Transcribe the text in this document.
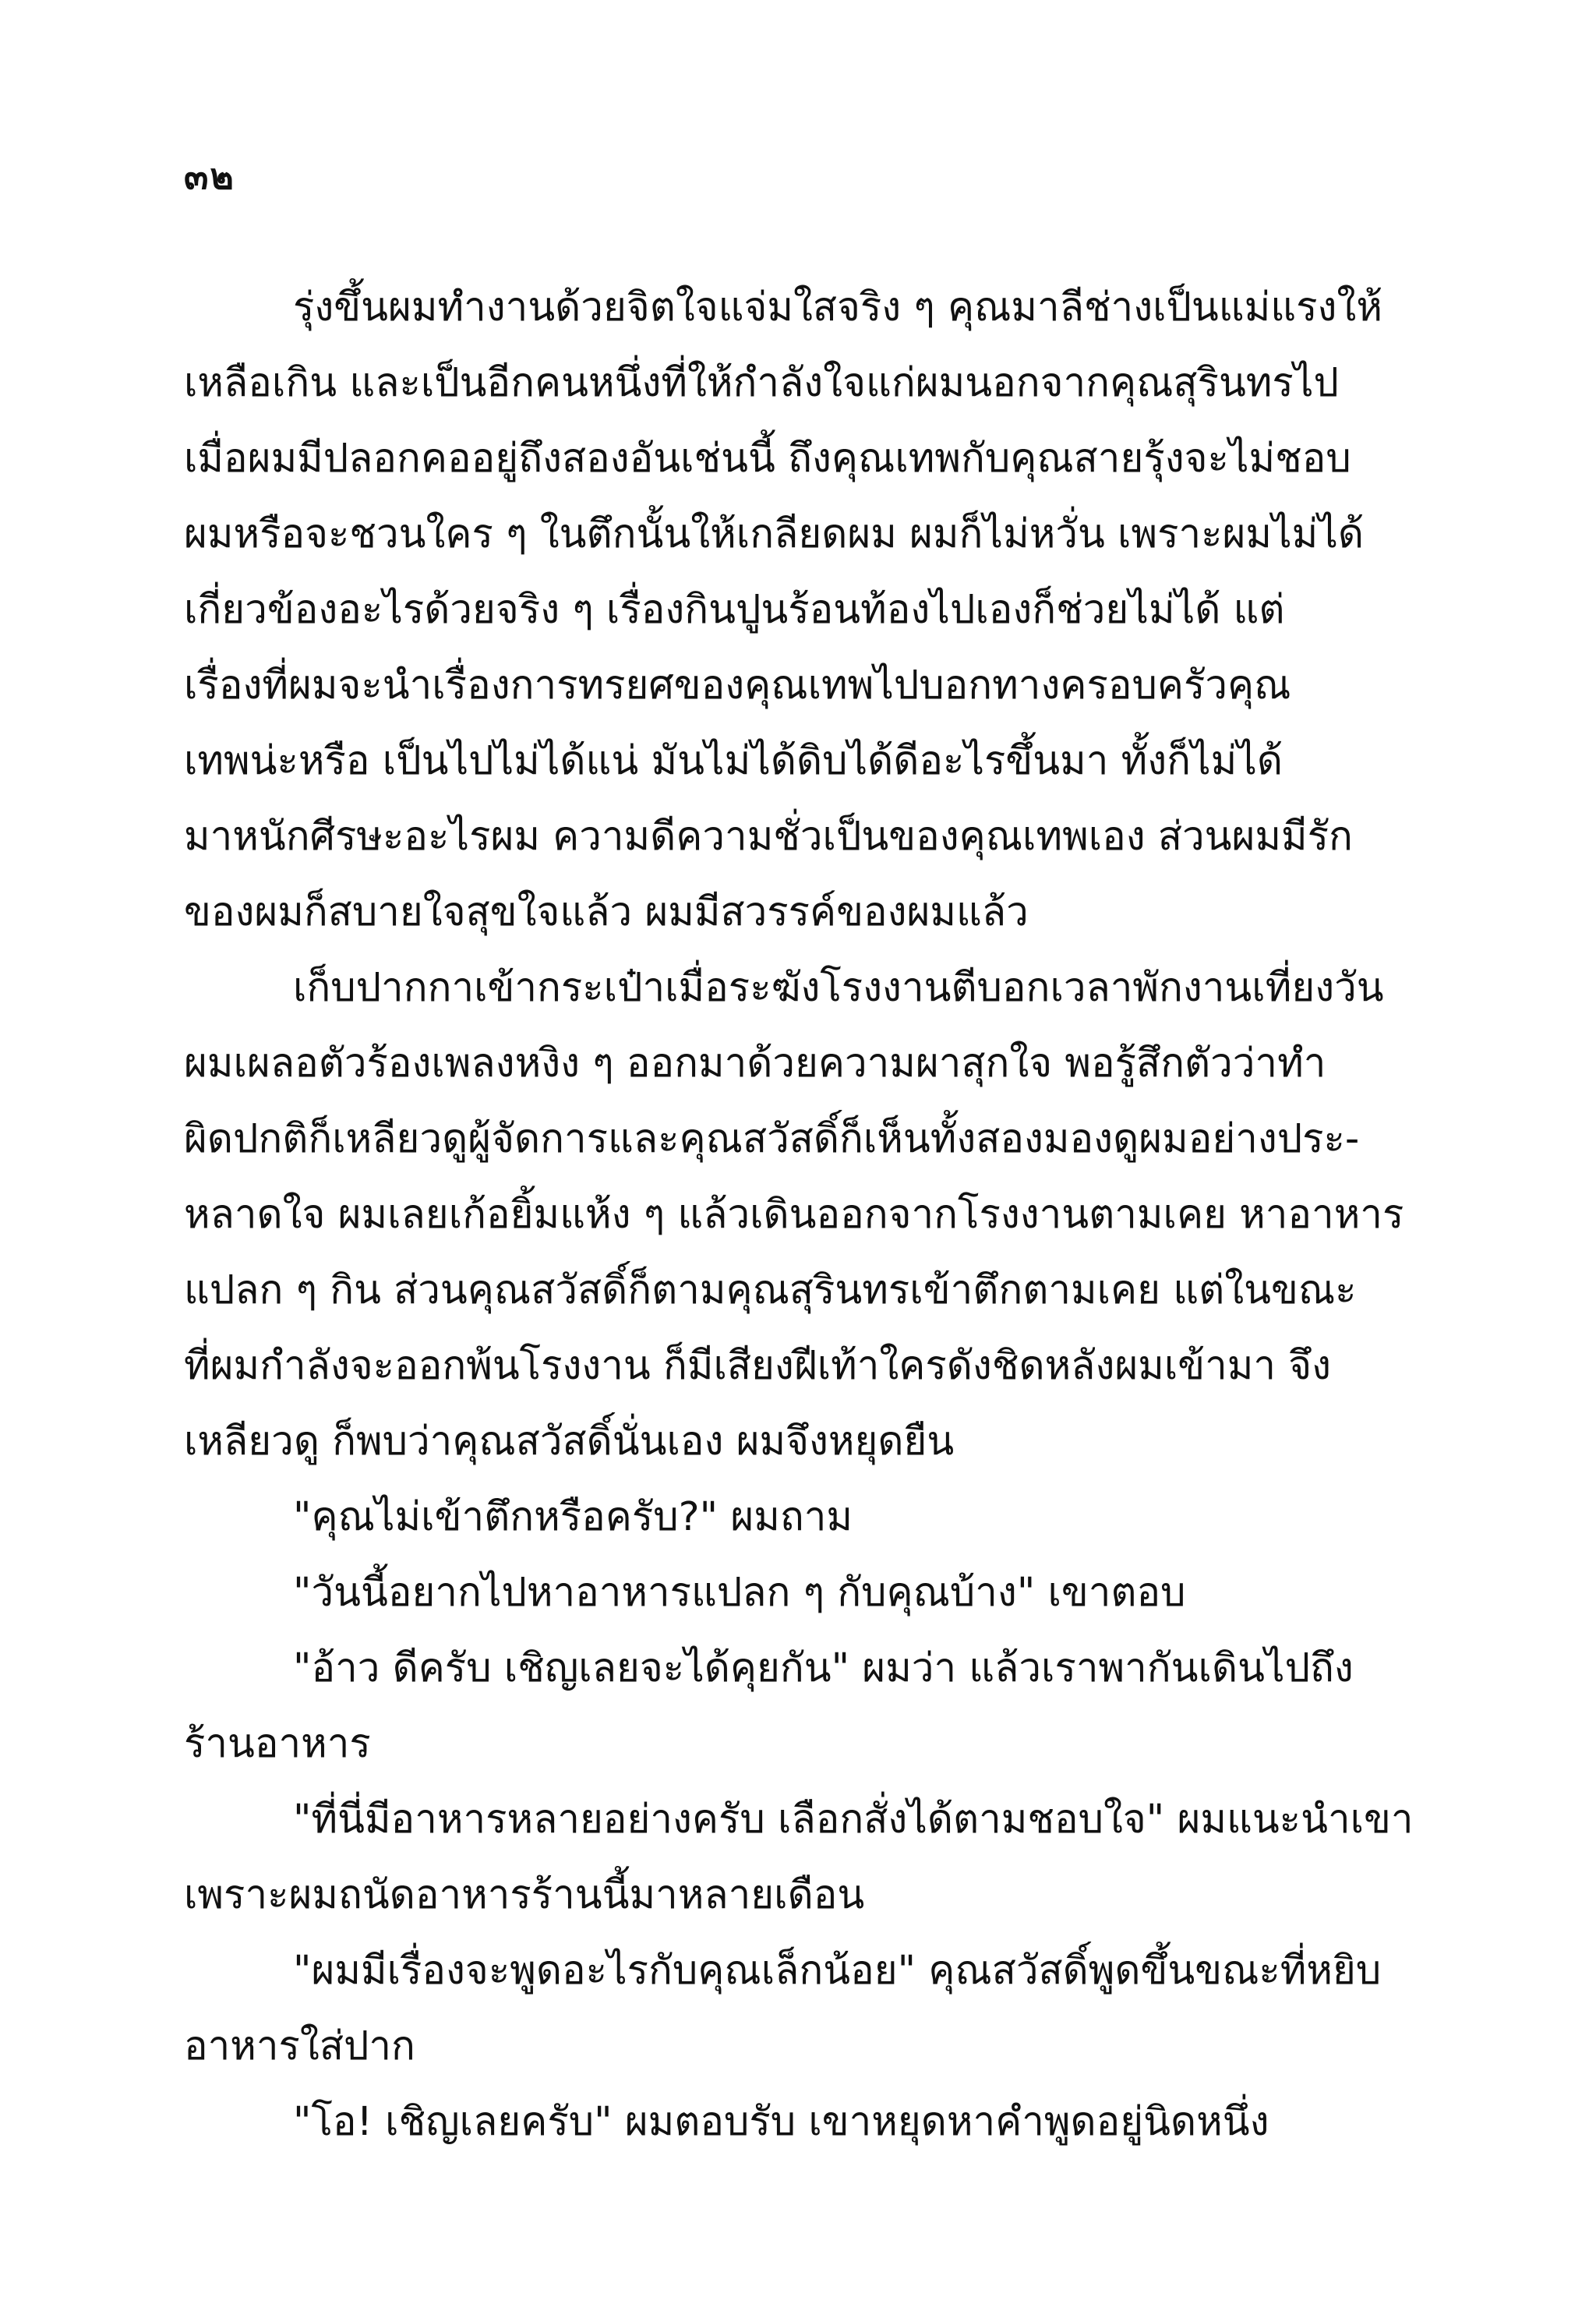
๓๒
รุ่งขึ้นผมทำงานด้วยจิตใจแจ่มใสจริง ๆ คุณมาลีช่างเป็นแม่แรงให้
เหลือเกิน และเป็นอีกคนหนึ่งที่ให้กำลังใจแก่ผมนอกจากคุณสุรินทรไป
เมื่อผมมีปลอกคออยู่ถึงสองอันเช่นนี้ ถึงคุณเทพกับคุณสายรุ้งจะไม่ชอบ
ผมหรือจะชวนใคร ๆ ในตึกนั้นให้เกลียดผม ผมก็ไม่หวั่น เพราะผมไม่ได้
เกี่ยวข้องอะไรด้วยจริง ๆ เรื่องกินปูนร้อนท้องไปเองก็ช่วยไม่ได้ แต่
เรื่องที่ผมจะนำเรื่องการทรยศของคุณเทพไปบอกทางครอบครัวคุณ
เทพน่ะหรือ เป็นไปไม่ได้แน่ มันไม่ได้ดิบได้ดีอะไรขึ้นมา ทั้งก็ไม่ได้
มาหนักศีรษะอะไรผม ความดีความชั่วเป็นของคุณเทพเอง ส่วนผมมีรัก
ของผมก็สบายใจสุขใจแล้ว ผมมีสวรรค์ของผมแล้ว
เก็บปากกาเข้ากระเป๋าเมื่อระฆังโรงงานตีบอกเวลาพักงานเที่ยงวัน
ผมเผลอตัวร้องเพลงหงิง ๆ ออกมาด้วยความผาสุกใจ พอรู้สึกตัวว่าทำ
ผิดปกติก็เหลียวดูผู้จัดการและคุณสวัสดิ์ก็เห็นทั้งสองมองดูผมอย่างประ-
หลาดใจ ผมเลยเก้อยิ้มแห้ง ๆ แล้วเดินออกจากโรงงานตามเคย หาอาหาร
แปลก ๆ กิน ส่วนคุณสวัสดิ์ก็ตามคุณสุรินทรเข้าตึกตามเคย แต่ในขณะ
ที่ผมกำลังจะออกพ้นโรงงาน ก็มีเสียงฝีเท้าใครดังชิดหลังผมเข้ามา จึง
เหลียวดู ก็พบว่าคุณสวัสดิ์นั่นเอง ผมจึงหยุดยืน
"คุณไม่เข้าตึกหรือครับ?" ผมถาม
"วันนี้อยากไปหาอาหารแปลก ๆ กับคุณบ้าง" เขาตอบ
"อ้าว ดีครับ เชิญเลยจะได้คุยกัน" ผมว่า แล้วเราพากันเดินไปถึง
ร้านอาหาร
"ที่นี่มีอาหารหลายอย่างครับ เลือกสั่งได้ตามชอบใจ" ผมแนะนำเขา
เพราะผมถนัดอาหารร้านนี้มาหลายเดือน
"ผมมีเรื่องจะพูดอะไรกับคุณเล็กน้อย" คุณสวัสดิ์พูดขึ้นขณะที่หยิบ
อาหารใส่ปาก
"โอ! เชิญเลยครับ" ผมตอบรับ เขาหยุดหาคำพูดอยู่นิดหนึ่ง
